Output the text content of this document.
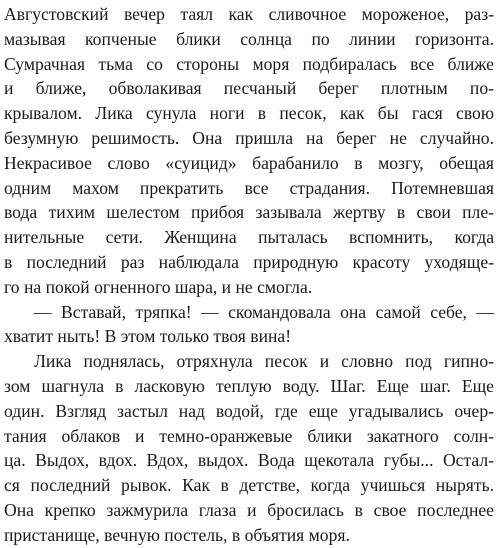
Августовский вечер таял как сливочное мороженое, раз-
мазывая копченые блики солнца по линии горизонта.
Сумрачная тьма со стороны моря подбиралась все ближе
и ближе, обволакивая песчаный берег плотным по-
крывалом. Лика сунула ноги в песок, как бы гася свою
безумную решимость. Она пришла на берег не случайно.
Некрасивое слово «суицид» барабанило в мозгу, обещая
одним махом прекратить все страдания. Потемневшая
вода тихим шелестом прибоя зазывала жертву в свои пле-
нительные сети. Женщина пыталась вспомнить, когда
в последний раз наблюдала природную красоту уходяще-
го на покой огненного шара, и не смогла.
— Вставай, тряпка! — скомандовала она самой себе, —
хватит ныть! В этом только твоя вина!
Лика поднялась, отряхнула песок и словно под гипно-
зом шагнула в ласковую теплую воду. Шаг. Еще шаг. Еще
один. Взгляд застыл над водой, где еще угадывались очер-
тания облаков и темно-оранжевые блики закатного солн-
ца. Выдох, вдох. Вдох, выдох. Вода щекотала губы... Остал-
ся последний рывок. Как в детстве, когда учишься нырять.
Она крепко зажмурила глаза и бросилась в свое последнее
пристанище, вечную постель, в объятия моря.
